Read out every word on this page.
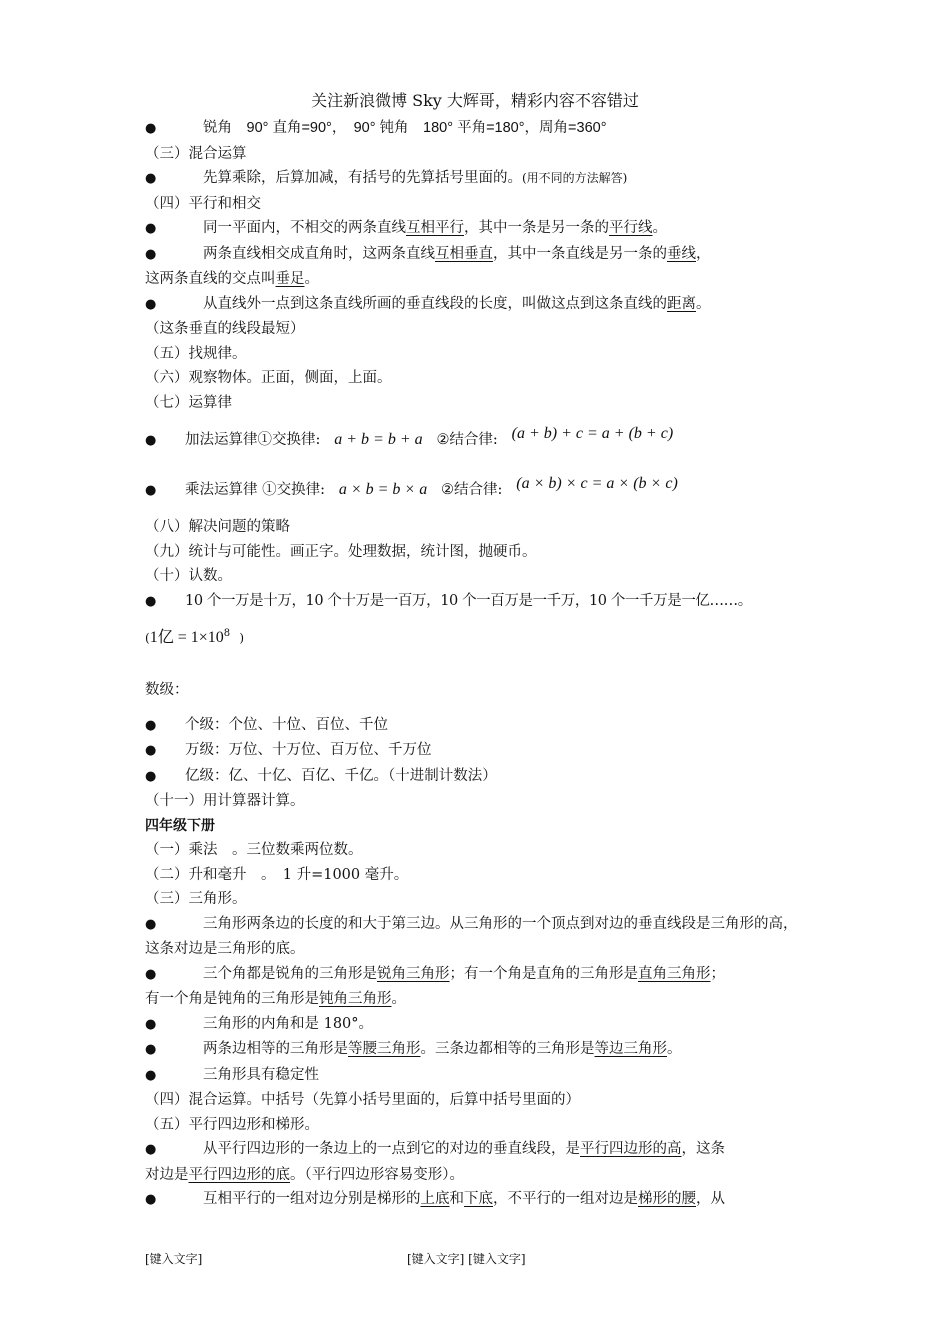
关注新浪微博 Sky 大辉哥，精彩内容不容错过
●	锐角　90° 直角=90°，　90° 钝角　180° 平角=180°，周角=360°
（三）混合运算
●	先算乘除，后算加减，有括号的先算括号里面的。(用不同的方法解答)
（四）平行和相交
●	同一平面内，不相交的两条直线互相平行，其中一条是另一条的平行线。
●	两条直线相交成直角时，这两条直线互相垂直，其中一条直线是另一条的垂线，
这两条直线的交点叫垂足。
●	从直线外一点到这条直线所画的垂直线段的长度，叫做这点到这条直线的距离。
（这条垂直的线段最短）
（五）找规律。
（六）观察物体。正面，侧面，上面。
（七）运算律
● 加法运算律①交换律: a + b = b + a ②结合律: (a + b) + c = a + (b + c)
● 乘法运算律 ①交换律: a × b = b × a ②结合律: (a × b) × c = a × (b × c)
（八）解决问题的策略
（九）统计与可能性。画正字。处理数据，统计图，抛硬币。
（十）认数。
● 10 个一万是十万，10 个十万是一百万，10 个一百万是一千万，10 个一千万是一亿……。
(1亿 = $1\times 10^8$ )
数级：
● 个级：个位、十位、百位、千位
● 万级：万位、十万位、百万位、千万位
● 亿级：亿、十亿、百亿、千亿。（十进制计数法）
（十一）用计算器计算。
四年级下册
（一）乘法　。三位数乘两位数。
（二）升和毫升　。　1 升=1000 毫升。
（三）三角形。
●	三角形两条边的长度的和大于第三边。从三角形的一个顶点到对边的垂直线段是三角形的高，这条对边是三角形的底。
●	三个角都是锐角的三角形是锐角三角形；有一个角是直角的三角形是直角三角形；
有一个角是钝角的三角形是钝角三角形。
●	三角形的内角和是 180°。
●	两条边相等的三角形是等腰三角形。三条边都相等的三角形是等边三角形。
●	三角形具有稳定性
（四）混合运算。中括号（先算小括号里面的，后算中括号里面的）
（五）平行四边形和梯形。
●	从平行四边形的一条边上的一点到它的对边的垂直线段，是平行四边形的高，这条
对边是平行四边形的底。（平行四边形容易变形）。
●	互相平行的一组对边分别是梯形的上底和下底，不平行的一组对边是梯形的腰，从
[键入文字]	[键入文字] [键入文字]
